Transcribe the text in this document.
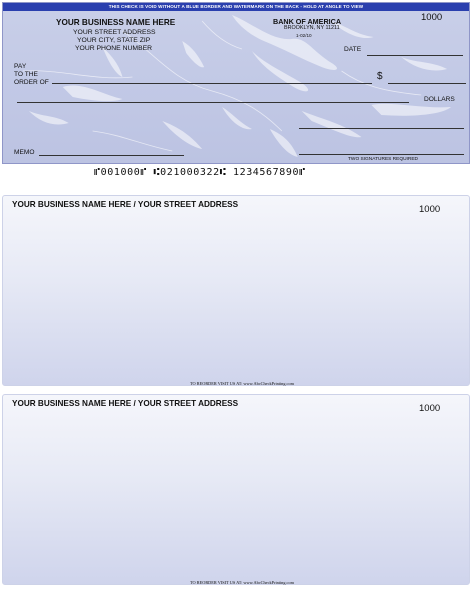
THIS CHECK IS VOID WITHOUT A BLUE BORDER AND WATERMARK ON THE BACK - HOLD AT ANGLE TO VIEW
1000
YOUR BUSINESS NAME HERE
YOUR STREET ADDRESS
YOUR CITY, STATE ZIP
YOUR PHONE NUMBER
BANK OF AMERICA
BROOKLYN, NY 11211
1-02/10
DATE
PAY
TO THE
ORDER OF
$
DOLLARS
MEMO
TWO SIGNATURES REQUIRED
⑈001000⑈ ⑆021000322⑆ 1234567890⑈
YOUR BUSINESS NAME HERE / YOUR STREET ADDRESS	1000
TO REORDER VISIT US AT: www.AbcCheckPrinting.com
YOUR BUSINESS NAME HERE / YOUR STREET ADDRESS	1000
TO REORDER VISIT US AT: www.AbcCheckPrinting.com
